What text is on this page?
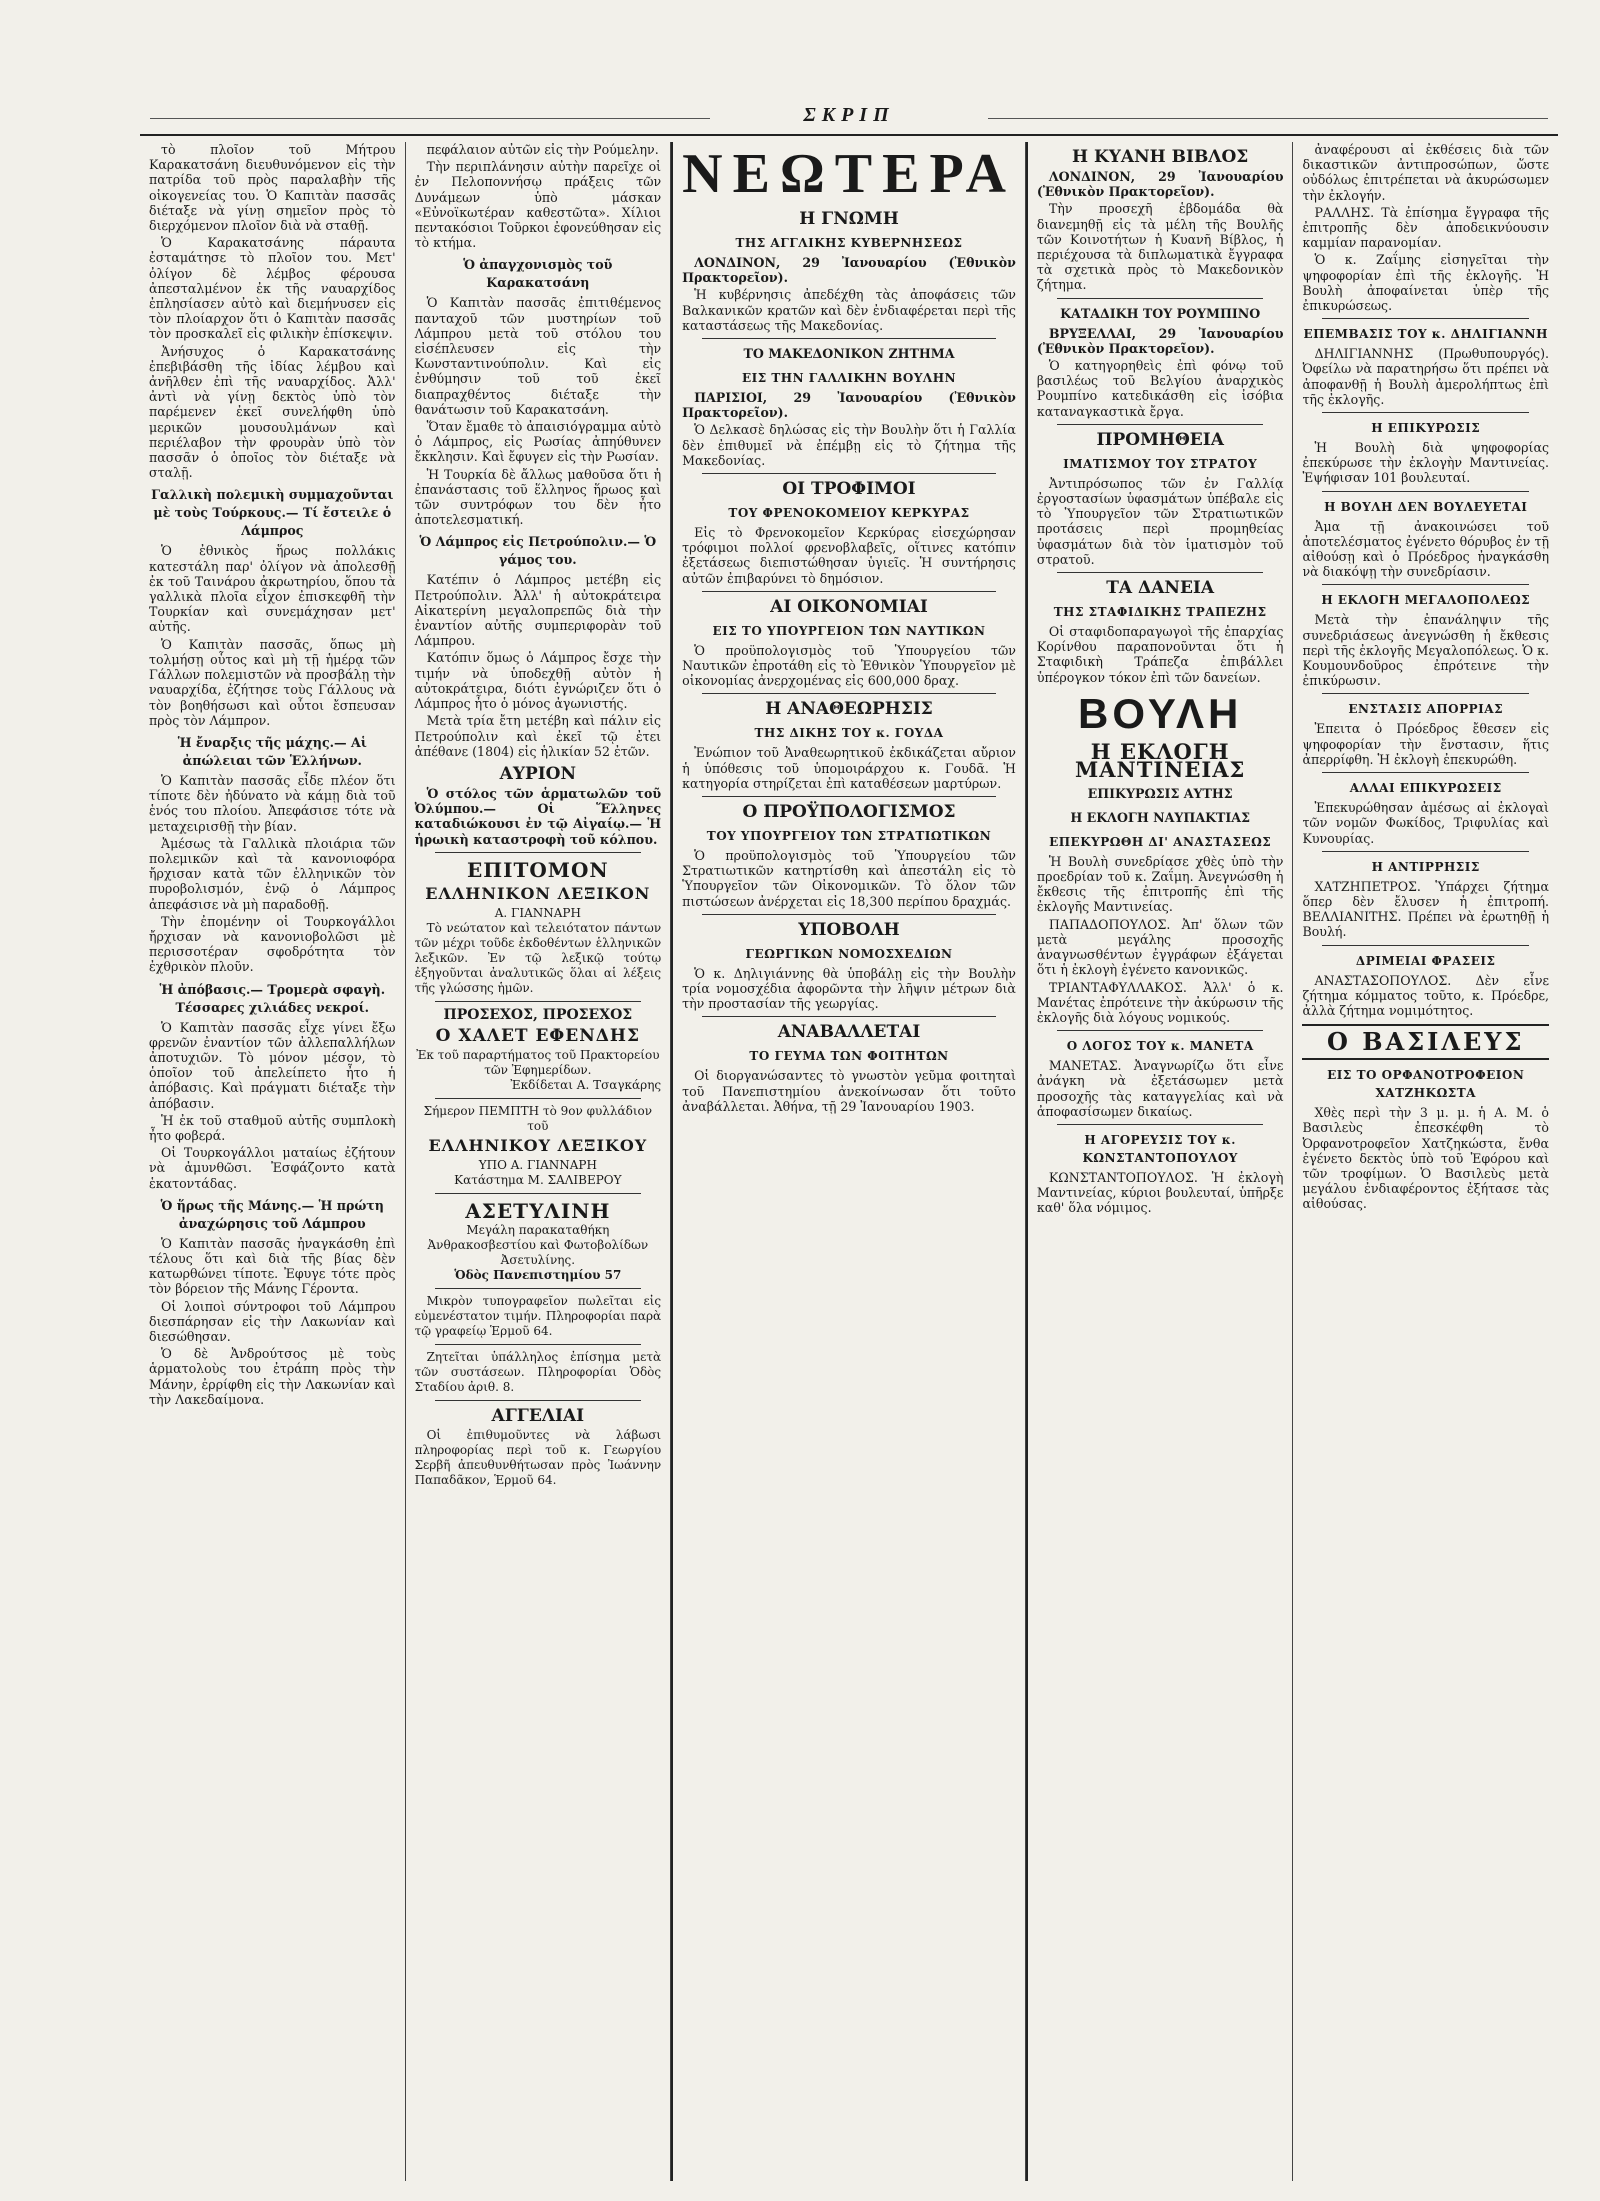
ΣΚΡΙΠ

τὸ πλοῖον τοῦ Μήτρου Καρακατσάνη διευθυνόμενον εἰς τὴν πατρίδα τοῦ πρὸς παραλαβὴν τῆς οἰκογενείας του. Ὁ Καπιτὰν πασσᾶς διέταξε νὰ γίνῃ σημεῖον πρὸς τὸ διερχόμενον πλοῖον διὰ νὰ σταθῇ.

Ὁ Καρακατσάνης πάραυτα ἐσταμάτησε τὸ πλοῖον του. Μετ' ὀλίγον δὲ λέμβος φέρουσα ἀπεσταλμένον ἐκ τῆς ναυαρχίδος ἐπλησίασεν αὐτὸ καὶ διεμήνυσεν εἰς τὸν πλοίαρχον ὅτι ὁ Καπιτὰν πασσᾶς τὸν προσκαλεῖ εἰς φιλικὴν ἐπίσκεψιν.

Ἀνήσυχος ὁ Καρακατσάνης ἐπεβιβάσθη τῆς ἰδίας λέμβου καὶ ἀνῆλθεν ἐπὶ τῆς ναυαρχίδος. Ἀλλ' ἀντὶ νὰ γίνῃ δεκτὸς ὑπὸ τὸν παρέμενεν ἐκεῖ συνελήφθη ὑπὸ μερικῶν μουσουλμάνων καὶ περιέλαβον τὴν φρουρὰν ὑπὸ τὸν πασσᾶν ὁ ὁποῖος τὸν διέταξε νὰ σταλῇ.

Γαλλικὴ πολεμικὴ συμμαχοῦνται μὲ τοὺς Τούρκους.— Τί ἔστειλε ὁ Λάμπρος

Ὁ ἐθνικὸς ἥρως πολλάκις κατεστάλη παρ' ὀλίγον νὰ ἀπολεσθῇ ἐκ τοῦ Ταινάρου ἀκρωτηρίου, ὅπου τὰ γαλλικὰ πλοῖα εἶχον ἐπισκεφθῆ τὴν Τουρκίαν καὶ συνεμάχησαν μετ' αὐτῆς.

Ὁ Καπιτὰν πασσᾶς, ὅπως μὴ τολμήσῃ οὗτος καὶ μὴ τῇ ἡμέρᾳ τῶν Γάλλων πολεμιστῶν νὰ προσβάλῃ τὴν ναυαρχίδα, ἐζήτησε τοὺς Γάλλους νὰ τὸν βοηθήσωσι καὶ οὗτοι ἔσπευσαν πρὸς τὸν Λάμπρον.

Ἡ ἔναρξις τῆς μάχης.— Αἱ ἀπώλειαι τῶν Ἑλλήνων.

Ὁ Καπιτὰν πασσᾶς εἶδε πλέον ὅτι τίποτε δὲν ἠδύνατο νὰ κάμῃ διὰ τοῦ ἑνός του πλοίου. Ἀπεφάσισε τότε νὰ μεταχειρισθῇ τὴν βίαν.

Ἀμέσως τὰ Γαλλικὰ πλοιάρια τῶν πολεμικῶν καὶ τὰ κανονιοφόρα ἤρχισαν κατὰ τῶν ἑλληνικῶν τὸν πυροβολισμόν, ἐνῷ ὁ Λάμπρος ἀπεφάσισε νὰ μὴ παραδοθῇ.

Τὴν ἐπομένην οἱ Τουρκογάλλοι ἤρχισαν νὰ κανονιοβολῶσι μὲ περισσοτέραν σφοδρότητα τὸν ἐχθρικὸν πλοῦν.

Ἡ ἀπόβασις.— Τρομερὰ σφαγὴ. Τέσσαρες χιλιάδες νεκροί.

Ὁ Καπιτὰν πασσᾶς εἶχε γίνει ἔξω φρενῶν ἐναντίον τῶν ἀλλεπαλλήλων ἀποτυχιῶν. Τὸ μόνον μέσον, τὸ ὁποῖον τοῦ ἀπελείπετο ἦτο ἡ ἀπόβασις. Καὶ πράγματι διέταξε τὴν ἀπόβασιν.

Ἡ ἐκ τοῦ σταθμοῦ αὐτῆς συμπλοκὴ ἦτο φοβερά.

Οἱ Τουρκογάλλοι ματαίως ἐζήτουν νὰ ἀμυνθῶσι. Ἐσφάζοντο κατὰ ἑκατοντάδας.

Ὁ ἥρως τῆς Μάνης.— Ἡ πρώτη ἀναχώρησις τοῦ Λάμπρου

Ὁ Καπιτὰν πασσᾶς ἠναγκάσθη ἐπὶ τέλους ὅτι καὶ διὰ τῆς βίας δὲν κατωρθώνει τίποτε. Ἐφυγε τότε πρὸς τὸν βόρειον τῆς Μάνης Γέροντα.

Οἱ λοιποὶ σύντροφοι τοῦ Λάμπρου διεσπάρησαν εἰς τὴν Λακωνίαν καὶ διεσώθησαν.

Ὁ δὲ Ἀνδρούτσος μὲ τοὺς ἁρματολοὺς του ἐτράπη πρὸς τὴν Μάνην, ἐρρίφθη εἰς τὴν Λακωνίαν καὶ τὴν Λακεδαίμονα.

πεφάλαιον αὐτῶν εἰς τὴν Ρούμελην.

Τὴν περιπλάνησιν αὐτὴν παρεῖχε οἱ ἐν Πελοποννήσῳ πράξεις τῶν Δυνάμεων ὑπὸ μάσκαν «Εὐνοϊκωτέραν καθεστῶτα». Χίλιοι πεντακόσιοι Τοῦρκοι ἐφονεύθησαν εἰς τὸ κτήμα.

Ὁ ἀπαγχονισμὸς τοῦ Καρακατσάνη

Ὁ Καπιτὰν πασσᾶς ἐπιτιθέμενος πανταχοῦ τῶν μυστηρίων τοῦ Λάμπρου μετὰ τοῦ στόλου του εἰσέπλευσεν εἰς τὴν Κωνσταντινούπολιν. Καὶ εἰς ἐνθύμησιν τοῦ τοῦ ἐκεῖ διαπραχθέντος διέταξε τὴν θανάτωσιν τοῦ Καρακατσάνη.

Ὅταν ἔμαθε τὸ ἀπαισιόγραμμα αὐτὸ ὁ Λάμπρος, εἰς Ρωσίας ἀπηύθυνεν ἔκκλησιν. Καὶ ἔφυγεν εἰς τὴν Ρωσίαν.

Ἡ Τουρκία δὲ ἄλλως μαθοῦσα ὅτι ἡ ἐπανάστασις τοῦ ἕλληνος ἥρωος καὶ τῶν συντρόφων του δὲν ἦτο ἀποτελεσματική.

Ὁ Λάμπρος εἰς Πετρούπολιν.— Ὁ γάμος του.

Κατέπιν ὁ Λάμπρος μετέβη εἰς Πετρούπολιν. Ἀλλ' ἡ αὐτοκράτειρα Αἰκατερίνη μεγαλοπρεπῶς διὰ τὴν ἐναντίον αὐτῆς συμπεριφορὰν τοῦ Λάμπρου.

Κατόπιν ὅμως ὁ Λάμπρος ἔσχε τὴν τιμήν νὰ ὑποδεχθῇ αὐτὸν ἡ αὐτοκράτειρα, διότι ἐγνώριζεν ὅτι ὁ Λάμπρος ἦτο ὁ μόνος ἀγωνιστής.

Μετὰ τρία ἔτη μετέβη καὶ πάλιν εἰς Πετρούπολιν καὶ ἐκεῖ τῷ ἐτει ἀπέθανε (1804) εἰς ἡλικίαν 52 ἐτῶν.

ΑΥΡΙΟΝ

Ὁ στόλος τῶν ἁρματωλῶν τοῦ Ὀλύμπου.— Οἱ Ἕλληνες καταδιώκουσι ἐν τῷ Αἰγαίῳ.— Ἡ ἡρωικὴ καταστροφὴ τοῦ κόλπου.

ΕΠΙΤΟΜΟΝ
ΕΛΛΗΝΙΚΟΝ ΛΕΞΙΚΟΝ
Α. ΓΙΑΝΝΑΡΗ

Τὸ νεώτατον καὶ τελειότατον πάντων τῶν μέχρι τοῦδε ἐκδοθέντων ἑλληνικῶν λεξικῶν. Ἐν τῷ λεξικῷ τούτῳ ἐξηγοῦνται ἀναλυτικῶς ὅλαι αἱ λέξεις τῆς γλώσσης ἡμῶν.

ΠΡΟΣΕΧΟΣ, ΠΡΟΣΕΧΟΣ
Ο ΧΑΛΕΤ ΕΦΕΝΔΗΣ
Ἐκ τοῦ παραρτήματος τοῦ Πρακτορείου τῶν Ἐφημερίδων.
Ἐκδίδεται Α. Τσαγκάρης
Σήμερον ΠΕΜΠΤΗ τὸ 9ον φυλλάδιον τοῦ
ΕΛΛΗΝΙΚΟΥ ΛΕΞΙΚΟΥ
ΥΠΟ Α. ΓΙΑΝΝΑΡΗ
Κατάστημα Μ. ΣΑΛΙΒΕΡΟΥ
ΑΣΕΤΥΛΙΝΗ
Μεγάλη παρακαταθήκη Ἀνθρακοσβεστίου καὶ Φωτοβολίδων Ἀσετυλίνης.
Ὁδὸς Πανεπιστημίου 57

Μικρὸν τυπογραφεῖον πωλεῖται εἰς εὐμενέστατον τιμήν. Πληροφορίαι παρὰ τῷ γραφείῳ Ἑρμοῦ 64.

Ζητεῖται ὑπάλληλος ἐπίσημα μετὰ τῶν συστάσεων. Πληροφορίαι Ὁδὸς Σταδίου ἀριθ. 8.

ΑΓΓΕΛΙΑΙ

Οἱ ἐπιθυμοῦντες νὰ λάβωσι πληροφορίας περὶ τοῦ κ. Γεωργίου Σερβῆ ἀπευθυνθήτωσαν πρὸς Ἰωάννην Παπαδᾶκον, Ἑρμοῦ 64.

ΝΕΩΤΕΡΑ
Η ΓΝΩΜΗ
ΤΗΣ ΑΓΓΛΙΚΗΣ ΚΥΒΕΡΝΗΣΕΩΣ

ΛΟΝΔΙΝΟΝ, 29 Ἰανουαρίου (Ἐθνικὸν Πρακτορεῖον).

Ἡ κυβέρνησις ἀπεδέχθη τὰς ἀποφάσεις τῶν Βαλκανικῶν κρατῶν καὶ δὲν ἐνδιαφέρεται περὶ τῆς καταστάσεως τῆς Μακεδονίας.

ΤΟ ΜΑΚΕΔΟΝΙΚΟΝ ΖΗΤΗΜΑ
ΕΙΣ ΤΗΝ ΓΑΛΛΙΚΗΝ ΒΟΥΛΗΝ

ΠΑΡΙΣΙΟΙ, 29 Ἰανουαρίου (Ἐθνικὸν Πρακτορεῖον).

Ὁ Δελκασὲ δηλώσας εἰς τὴν Βουλὴν ὅτι ἡ Γαλλία δὲν ἐπιθυμεῖ νὰ ἐπέμβῃ εἰς τὸ ζήτημα τῆς Μακεδονίας.

ΟΙ ΤΡΟΦΙΜΟΙ
ΤΟΥ ΦΡΕΝΟΚΟΜΕΙΟΥ ΚΕΡΚΥΡΑΣ

Εἰς τὸ Φρενοκομεῖον Κερκύρας εἰσεχώρησαν τρόφιμοι πολλοί φρενοβλαβεῖς, οἵτινες κατόπιν ἐξετάσεως διεπιστώθησαν ὑγιεῖς. Ἡ συντήρησις αὐτῶν ἐπιβαρύνει τὸ δημόσιον.

ΑΙ ΟΙΚΟΝΟΜΙΑΙ
ΕΙΣ ΤΟ ΥΠΟΥΡΓΕΙΟΝ ΤΩΝ ΝΑΥΤΙΚΩΝ

Ὁ προϋπολογισμὸς τοῦ Ὑπουργείου τῶν Ναυτικῶν ἐπροτάθη εἰς τὸ Ἐθνικὸν Ὑπουργεῖον μὲ οἰκονομίας ἀνερχομένας εἰς 600,000 δραχ.

Η ΑΝΑΘΕΩΡΗΣΙΣ
ΤΗΣ ΔΙΚΗΣ ΤΟΥ κ. ΓΟΥΔΑ

Ἐνώπιον τοῦ Ἀναθεωρητικοῦ ἐκδικάζεται αὔριον ἡ ὑπόθεσις τοῦ ὑπομοιράρχου κ. Γουδᾶ. Ἡ κατηγορία στηρίζεται ἐπὶ καταθέσεων μαρτύρων.

Ο ΠΡΟΫΠΟΛΟΓΙΣΜΟΣ
ΤΟΥ ΥΠΟΥΡΓΕΙΟΥ ΤΩΝ ΣΤΡΑΤΙΩΤΙΚΩΝ

Ὁ προϋπολογισμὸς τοῦ Ὑπουργείου τῶν Στρατιωτικῶν κατηρτίσθη καὶ ἀπεστάλη εἰς τὸ Ὑπουργεῖον τῶν Οἰκονομικῶν. Τὸ ὅλον τῶν πιστώσεων ἀνέρχεται εἰς 18,300 περίπου δραχμάς.

ΥΠΟΒΟΛΗ
ΓΕΩΡΓΙΚΩΝ ΝΟΜΟΣΧΕΔΙΩΝ

Ὁ κ. Δηλιγιάννης θὰ ὑποβάλῃ εἰς τὴν Βουλὴν τρία νομοσχέδια ἀφορῶντα τὴν λῆψιν μέτρων διὰ τὴν προστασίαν τῆς γεωργίας.

ΑΝΑΒΑΛΛΕΤΑΙ
ΤΟ ΓΕΥΜΑ ΤΩΝ ΦΟΙΤΗΤΩΝ

Οἱ διοργανώσαντες τὸ γνωστὸν γεῦμα φοιτηταὶ τοῦ Πανεπιστημίου ἀνεκοίνωσαν ὅτι τοῦτο ἀναβάλλεται. Ἀθήνα, τῇ 29 Ἰανουαρίου 1903.

Η ΚΥΑΝΗ ΒΙΒΛΟΣ

ΛΟΝΔΙΝΟΝ, 29 Ἰανουαρίου (Ἐθνικὸν Πρακτορεῖον).

Τὴν προσεχῆ ἑβδομάδα θὰ διανεμηθῇ εἰς τὰ μέλη τῆς Βουλῆς τῶν Κοινοτήτων ἡ Κυανῆ Βίβλος, ἡ περιέχουσα τὰ διπλωματικὰ ἔγγραφα τὰ σχετικὰ πρὸς τὸ Μακεδονικὸν ζήτημα.

ΚΑΤΑΔΙΚΗ ΤΟΥ ΡΟΥΜΠΙΝΟ

ΒΡΥΞΕΛΛΑΙ, 29 Ἰανουαρίου (Ἐθνικὸν Πρακτορεῖον).

Ὁ κατηγορηθεὶς ἐπὶ φόνῳ τοῦ βασιλέως τοῦ Βελγίου ἀναρχικὸς Ρουμπίνο κατεδικάσθη εἰς ἰσόβια καταναγκαστικὰ ἔργα.

ΠΡΟΜΗΘΕΙΑ
ΙΜΑΤΙΣΜΟΥ ΤΟΥ ΣΤΡΑΤΟΥ

Ἀντιπρόσωπος τῶν ἐν Γαλλίᾳ ἐργοστασίων ὑφασμάτων ὑπέβαλε εἰς τὸ Ὑπουργεῖον τῶν Στρατιωτικῶν προτάσεις περὶ προμηθείας ὑφασμάτων διὰ τὸν ἱματισμὸν τοῦ στρατοῦ.

ΤΑ ΔΑΝΕΙΑ
ΤΗΣ ΣΤΑΦΙΔΙΚΗΣ ΤΡΑΠΕΖΗΣ

Οἱ σταφιδοπαραγωγοὶ τῆς ἐπαρχίας Κορίνθου παραπονοῦνται ὅτι ἡ Σταφιδικὴ Τράπεζα ἐπιβάλλει ὑπέρογκον τόκον ἐπὶ τῶν δανείων.

ΒΟΥΛΗ
Η ΕΚΛΟΓΗ ΜΑΝΤΙΝΕΙΑΣ
ΕΠΙΚΥΡΩΣΙΣ ΑΥΤΗΣ
Η ΕΚΛΟΓΗ ΝΑΥΠΑΚΤΙΑΣ
ΕΠΕΚΥΡΩΘΗ ΔΙ' ΑΝΑΣΤΑΣΕΩΣ

Ἡ Βουλὴ συνεδρίασε χθὲς ὑπὸ τὴν προεδρίαν τοῦ κ. Ζαΐμη. Ἀνεγνώσθη ἡ ἔκθεσις τῆς ἐπιτροπῆς ἐπὶ τῆς ἐκλογῆς Μαντινείας.

ΠΑΠΑΔΟΠΟΥΛΟΣ. Ἀπ' ὅλων τῶν μετὰ μεγάλης προσοχῆς ἀναγνωσθέντων ἐγγράφων ἐξάγεται ὅτι ἡ ἐκλογὴ ἐγένετο κανονικῶς.

ΤΡΙΑΝΤΑΦΥΛΛΑΚΟΣ. Ἀλλ' ὁ κ. Μανέτας ἐπρότεινε τὴν ἀκύρωσιν τῆς ἐκλογῆς διὰ λόγους νομικούς.

Ο ΛΟΓΟΣ ΤΟΥ κ. ΜΑΝΕΤΑ

ΜΑΝΕΤΑΣ. Ἀναγνωρίζω ὅτι εἶνε ἀνάγκη νὰ ἐξετάσωμεν μετὰ προσοχῆς τὰς καταγγελίας καὶ νὰ ἀποφασίσωμεν δικαίως.

Η ΑΓΟΡΕΥΣΙΣ ΤΟΥ κ. ΚΩΝΣΤΑΝΤΟΠΟΥΛΟΥ

ΚΩΝΣΤΑΝΤΟΠΟΥΛΟΣ. Ἡ ἐκλογὴ Μαντινείας, κύριοι βουλευταί, ὑπῆρξε καθ' ὅλα νόμιμος.

ἀναφέρουσι αἱ ἐκθέσεις διὰ τῶν δικαστικῶν ἀντιπροσώπων, ὥστε οὐδόλως ἐπιτρέπεται νὰ ἀκυρώσωμεν τὴν ἐκλογήν.

ΡΑΛΛΗΣ. Τὰ ἐπίσημα ἔγγραφα τῆς ἐπιτροπῆς δὲν ἀποδεικνύουσιν καμμίαν παρανομίαν.

Ὁ κ. Ζαΐμης εἰσηγεῖται τὴν ψηφοφορίαν ἐπὶ τῆς ἐκλογῆς. Ἡ Βουλὴ ἀποφαίνεται ὑπὲρ τῆς ἐπικυρώσεως.

ΕΠΕΜΒΑΣΙΣ ΤΟΥ κ. ΔΗΛΙΓΙΑΝΝΗ

ΔΗΛΙΓΙΑΝΝΗΣ (Πρωθυπουργός). Ὀφείλω νὰ παρατηρήσω ὅτι πρέπει νὰ ἀποφανθῇ ἡ Βουλὴ ἀμερολήπτως ἐπὶ τῆς ἐκλογῆς.

Η ΕΠΙΚΥΡΩΣΙΣ

Ἡ Βουλὴ διὰ ψηφοφορίας ἐπεκύρωσε τὴν ἐκλογὴν Μαντινείας. Ἐψήφισαν 101 βουλευταί.

Η ΒΟΥΛΗ ΔΕΝ ΒΟΥΛΕΥΕΤΑΙ

Ἀμα τῇ ἀνακοινώσει τοῦ ἀποτελέσματος ἐγένετο θόρυβος ἐν τῇ αἰθούσῃ καὶ ὁ Πρόεδρος ἠναγκάσθη νὰ διακόψῃ τὴν συνεδρίασιν.

Η ΕΚΛΟΓΗ ΜΕΓΑΛΟΠΟΛΕΩΣ

Μετὰ τὴν ἐπανάληψιν τῆς συνεδριάσεως ἀνεγνώσθη ἡ ἔκθεσις περὶ τῆς ἐκλογῆς Μεγαλοπόλεως. Ὁ κ. Κουμουνδοῦρος ἐπρότεινε τὴν ἐπικύρωσιν.

ΕΝΣΤΑΣΙΣ ΑΠΟΡΡΙΑΣ

Ἐπειτα ὁ Πρόεδρος ἔθεσεν εἰς ψηφοφορίαν τὴν ἔνστασιν, ἥτις ἀπερρίφθη. Ἡ ἐκλογὴ ἐπεκυρώθη.

ΑΛΛΑΙ ΕΠΙΚΥΡΩΣΕΙΣ

Ἐπεκυρώθησαν ἀμέσως αἱ ἐκλογαὶ τῶν νομῶν Φωκίδος, Τριφυλίας καὶ Κυνουρίας.

Η ΑΝΤΙΡΡΗΣΙΣ

ΧΑΤΖΗΠΕΤΡΟΣ. Ὑπάρχει ζήτημα ὅπερ δὲν ἔλυσεν ἡ ἐπιτροπή. ΒΕΛΛΙΑΝΙΤΗΣ. Πρέπει νὰ ἐρωτηθῇ ἡ Βουλή.

ΔΡΙΜΕΙΑΙ ΦΡΑΣΕΙΣ

ΑΝΑΣΤΑΣΟΠΟΥΛΟΣ. Δὲν εἶνε ζήτημα κόμματος τοῦτο, κ. Πρόεδρε, ἀλλὰ ζήτημα νομιμότητος.

Ο ΒΑΣΙΛΕΥΣ
ΕΙΣ ΤΟ ΟΡΦΑΝΟΤΡΟΦΕΙΟΝ ΧΑΤΖΗΚΩΣΤΑ

Χθὲς περὶ τὴν 3 μ. μ. ἡ Α. Μ. ὁ Βασιλεὺς ἐπεσκέφθη τὸ Ὀρφανοτροφεῖον Χατζηκώστα, ἔνθα ἐγένετο δεκτὸς ὑπὸ τοῦ Ἐφόρου καὶ τῶν τροφίμων. Ὁ Βασιλεὺς μετὰ μεγάλου ἐνδιαφέροντος ἐξήτασε τὰς αἰθούσας.
